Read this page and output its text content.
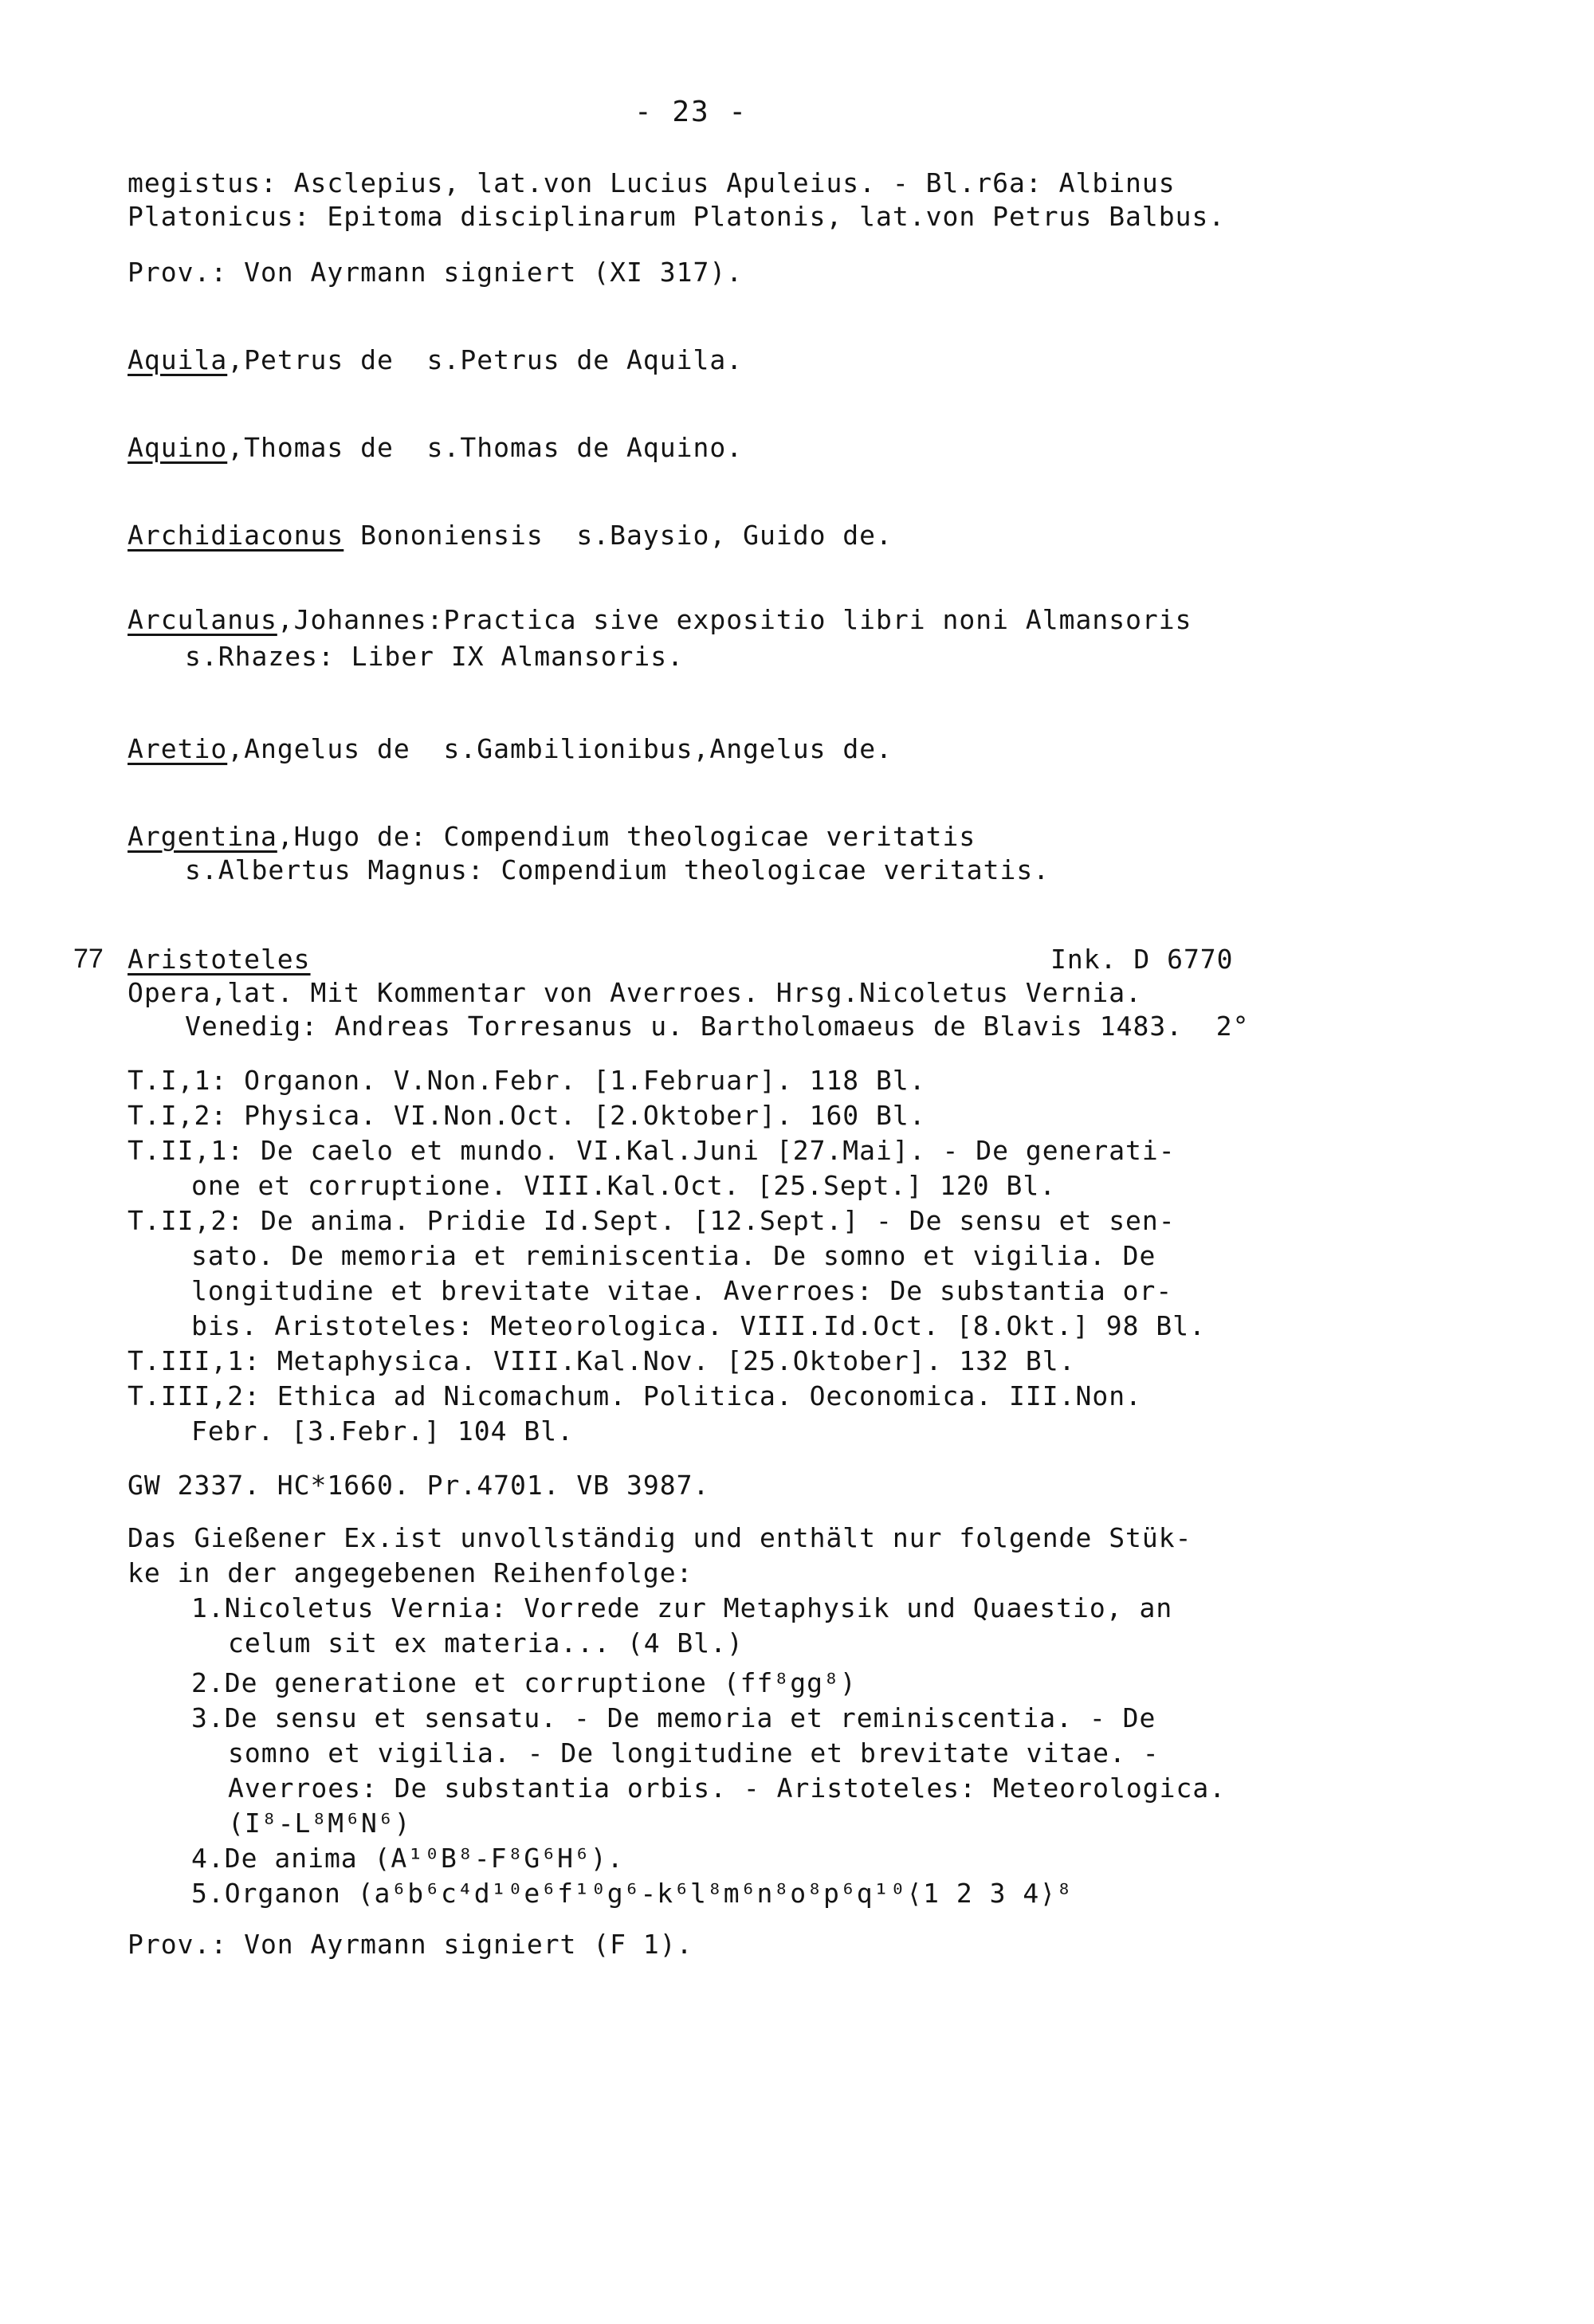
- 23 -
megistus: Asclepius, lat.von Lucius Apuleius. - Bl.r6a: Albinus
Platonicus: Epitoma disciplinarum Platonis, lat.von Petrus Balbus.
Prov.: Von Ayrmann signiert (XI 317).
Aquila,Petrus de  s.Petrus de Aquila.
Aquino,Thomas de  s.Thomas de Aquino.
Archidiaconus Bononiensis  s.Baysio, Guido de.
Arculanus,Johannes:Practica sive expositio libri noni Almansoris
s.Rhazes: Liber IX Almansoris.
Aretio,Angelus de  s.Gambilionibus,Angelus de.
Argentina,Hugo de: Compendium theologicae veritatis
s.Albertus Magnus: Compendium theologicae veritatis.
77 Aristoteles	Ink. D 6770
Opera,lat. Mit Kommentar von Averroes. Hrsg.Nicoletus Vernia.
Venedig: Andreas Torresanus u. Bartholomaeus de Blavis 1483.  2°
T.I,1: Organon. V.Non.Febr. [1.Februar]. 118 Bl.
T.I,2: Physica. VI.Non.Oct. [2.Oktober]. 160 Bl.
T.II,1: De caelo et mundo. VI.Kal.Juni [27.Mai]. - De generati-
one et corruptione. VIII.Kal.Oct. [25.Sept.] 120 Bl.
T.II,2: De anima. Pridie Id.Sept. [12.Sept.] - De sensu et sen-
sato. De memoria et reminiscentia. De somno et vigilia. De
longitudine et brevitate vitae. Averroes: De substantia or-
bis. Aristoteles: Meteorologica. VIII.Id.Oct. [8.Okt.] 98 Bl.
T.III,1: Metaphysica. VIII.Kal.Nov. [25.Oktober]. 132 Bl.
T.III,2: Ethica ad Nicomachum. Politica. Oeconomica. III.Non.
Febr. [3.Febr.] 104 Bl.
GW 2337. HC*1660. Pr.4701. VB 3987.
Das Gießener Ex.ist unvollständig und enthält nur folgende Stük-
ke in der angegebenen Reihenfolge:
1.Nicoletus Vernia: Vorrede zur Metaphysik und Quaestio, an
celum sit ex materia... (4 Bl.)
2.De generatione et corruptione (ff⁸gg⁸)
3.De sensu et sensatu. - De memoria et reminiscentia. - De
somno et vigilia. - De longitudine et brevitate vitae. -
Averroes: De substantia orbis. - Aristoteles: Meteorologica.
(I⁸-L⁸M⁶N⁶)
4.De anima (A¹⁰B⁸-F⁸G⁶H⁶).
5.Organon (a⁶b⁶c⁴d¹⁰e⁶f¹⁰g⁶-k⁶l⁸m⁶n⁸o⁸p⁶q¹⁰⟨1 2 3 4⟩⁸
Prov.: Von Ayrmann signiert (F 1).
